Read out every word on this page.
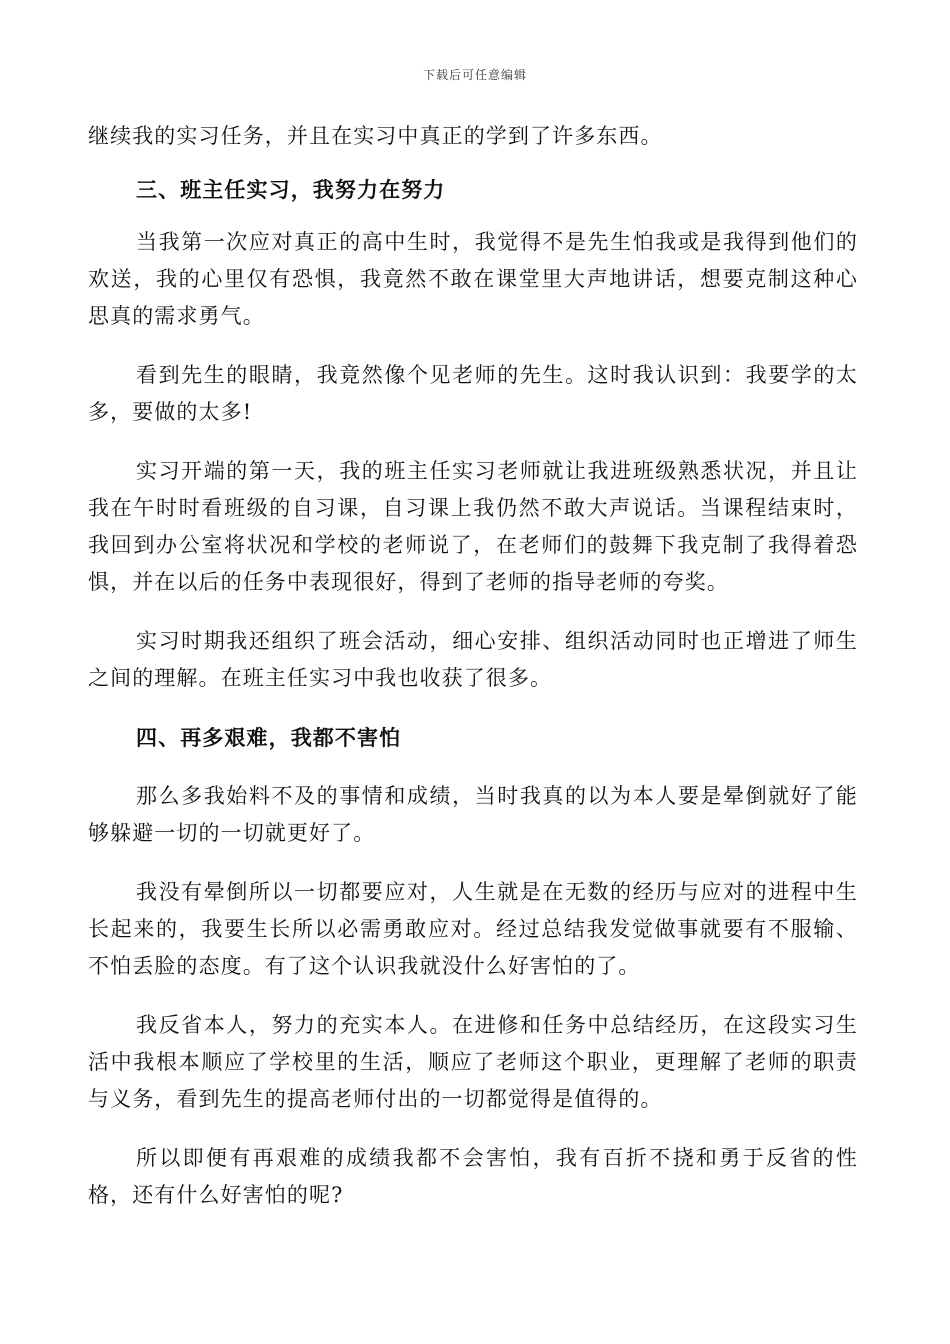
下载后可任意编辑

继续我的实习任务，并且在实习中真正的学到了许多东西。

三、班主任实习，我努力在努力

当我第一次应对真正的高中生时，我觉得不是先生怕我或是我得到他们的欢送，我的心里仅有恐惧，我竟然不敢在课堂里大声地讲话，想要克制这种心思真的需求勇气。

看到先生的眼睛，我竟然像个见老师的先生。这时我认识到：我要学的太多，要做的太多!

实习开端的第一天，我的班主任实习老师就让我进班级熟悉状况，并且让我在午时时看班级的自习课，自习课上我仍然不敢大声说话。当课程结束时，我回到办公室将状况和学校的老师说了，在老师们的鼓舞下我克制了我得着恐惧，并在以后的任务中表现很好，得到了老师的指导老师的夸奖。

实习时期我还组织了班会活动，细心安排、组织活动同时也正增进了师生之间的理解。在班主任实习中我也收获了很多。

四、再多艰难，我都不害怕

那么多我始料不及的事情和成绩，当时我真的以为本人要是晕倒就好了能够躲避一切的一切就更好了。

我没有晕倒所以一切都要应对，人生就是在无数的经历与应对的进程中生长起来的，我要生长所以必需勇敢应对。经过总结我发觉做事就要有不服输、不怕丢脸的态度。有了这个认识我就没什么好害怕的了。

我反省本人，努力的充实本人。在进修和任务中总结经历，在这段实习生活中我根本顺应了学校里的生活，顺应了老师这个职业，更理解了老师的职责与义务，看到先生的提高老师付出的一切都觉得是值得的。

所以即便有再艰难的成绩我都不会害怕，我有百折不挠和勇于反省的性格，还有什么好害怕的呢?
